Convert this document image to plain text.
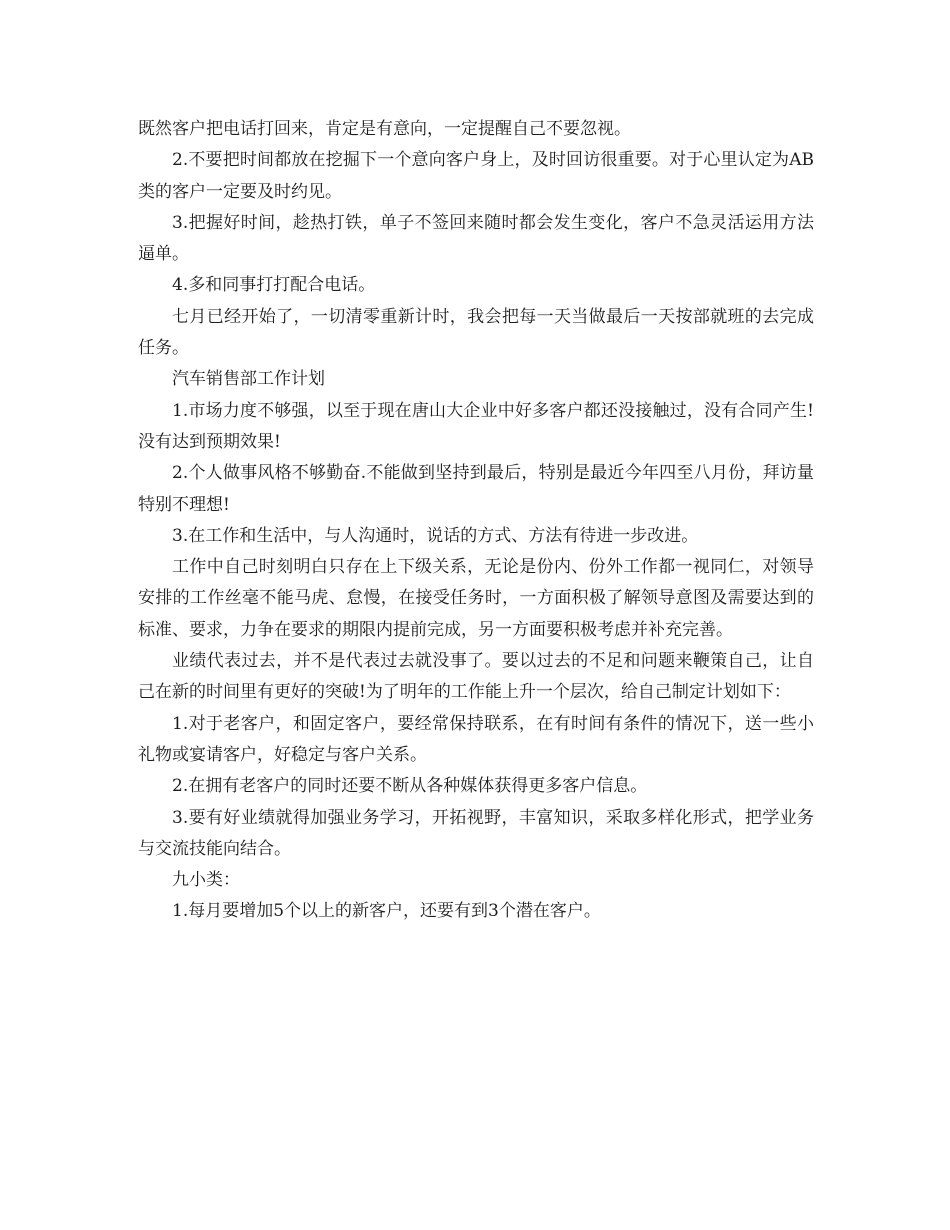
既然客户把电话打回来，肯定是有意向，一定提醒自己不要忽视。

2.不要把时间都放在挖掘下一个意向客户身上，及时回访很重要。对于心里认定为AB类的客户一定要及时约见。

3.把握好时间，趁热打铁，单子不签回来随时都会发生变化，客户不急灵活运用方法逼单。

4.多和同事打打配合电话。

七月已经开始了，一切清零重新计时，我会把每一天当做最后一天按部就班的去完成任务。

汽车销售部工作计划

1.市场力度不够强，以至于现在唐山大企业中好多客户都还没接触过，没有合同产生!没有达到预期效果!

2.个人做事风格不够勤奋.不能做到坚持到最后，特别是最近今年四至八月份，拜访量特别不理想!

3.在工作和生活中，与人沟通时，说话的方式、方法有待进一步改进。

工作中自己时刻明白只存在上下级关系，无论是份内、份外工作都一视同仁，对领导安排的工作丝毫不能马虎、怠慢，在接受任务时，一方面积极了解领导意图及需要达到的标准、要求，力争在要求的期限内提前完成，另一方面要积极考虑并补充完善。

业绩代表过去，并不是代表过去就没事了。要以过去的不足和问题来鞭策自己，让自己在新的时间里有更好的突破!为了明年的工作能上升一个层次，给自己制定计划如下：

1.对于老客户，和固定客户，要经常保持联系，在有时间有条件的情况下，送一些小礼物或宴请客户，好稳定与客户关系。

2.在拥有老客户的同时还要不断从各种媒体获得更多客户信息。

3.要有好业绩就得加强业务学习，开拓视野，丰富知识，采取多样化形式，把学业务与交流技能向结合。

九小类：

1.每月要增加5个以上的新客户，还要有到3个潜在客户。
